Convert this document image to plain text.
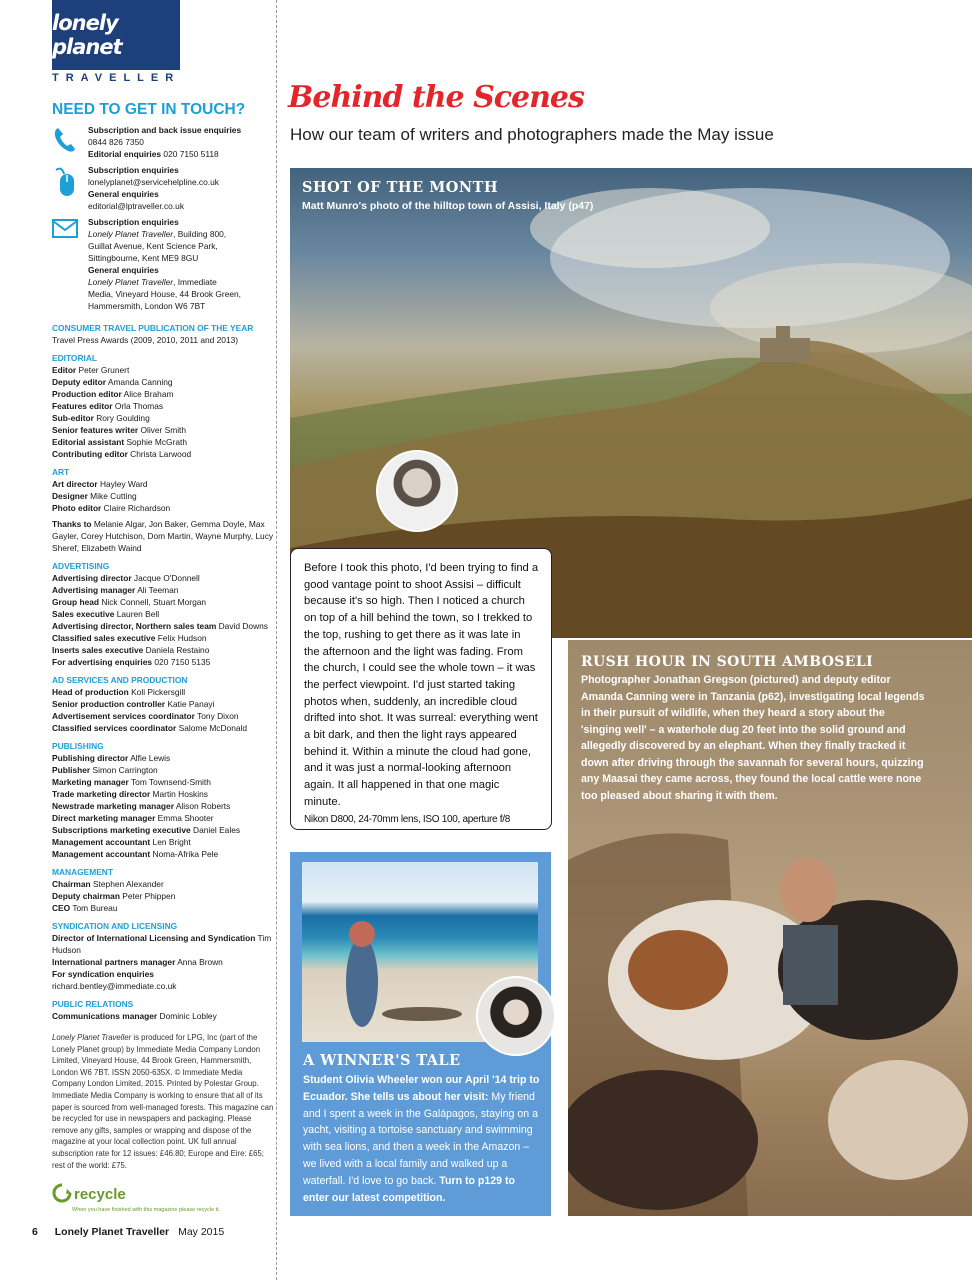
lonely planet
TRAVELLER
NEED TO GET IN TOUCH?
Subscription and back issue enquiries
0844 826 7350
Editorial enquiries 020 7150 5118
Subscription enquiries
lonelyplanet@servicehelpline.co.uk
General enquiries
editorial@lptraveller.co.uk
Subscription enquiries
Lonely Planet Traveller, Building 800,
Guillat Avenue, Kent Science Park,
Sittingbourne, Kent ME9 8GU
General enquiries
Lonely Planet Traveller, Immediate
Media, Vineyard House, 44 Brook Green,
Hammersmith, London W6 7BT
CONSUMER TRAVEL PUBLICATION OF THE YEAR
Travel Press Awards (2009, 2010, 2011 and 2013)
EDITORIAL
Editor Peter Grunert
Deputy editor Amanda Canning
Production editor Alice Braham
Features editor Orla Thomas
Sub-editor Rory Goulding
Senior features writer Oliver Smith
Editorial assistant Sophie McGrath
Contributing editor Christa Larwood
ART
Art director Hayley Ward
Designer Mike Cutting
Photo editor Claire Richardson
Thanks to Melanie Algar, Jon Baker, Gemma Doyle, Max Gayler, Corey Hutchison, Dom Martin, Wayne Murphy, Lucy Sheref, Elizabeth Waind
ADVERTISING
Advertising director Jacque O'Donnell
Advertising manager Ali Teeman
Group head Nick Connell, Stuart Morgan
Sales executive Lauren Bell
Advertising director, Northern sales team David Downs
Classified sales executive Felix Hudson
Inserts sales executive Daniela Restaino
For advertising enquiries 020 7150 5135
AD SERVICES AND PRODUCTION
Head of production Koli Pickersgill
Senior production controller Katie Panayi
Advertisement services coordinator Tony Dixon
Classified services coordinator Salome McDonald
PUBLISHING
Publishing director Alfie Lewis
Publisher Simon Carrington
Marketing manager Tom Townsend-Smith
Trade marketing director Martin Hoskins
Newstrade marketing manager Alison Roberts
Direct marketing manager Emma Shooter
Subscriptions marketing executive Daniel Eales
Management accountant Len Bright
Management accountant Noma-Afrika Pele
MANAGEMENT
Chairman Stephen Alexander
Deputy chairman Peter Phippen
CEO Tom Bureau
SYNDICATION AND LICENSING
Director of International Licensing and Syndication Tim Hudson
International partners manager Anna Brown
For syndication enquiries
richard.bentley@immediate.co.uk
PUBLIC RELATIONS
Communications manager Dominic Lobley
Lonely Planet Traveller is produced for LPG, Inc (part of the Lonely Planet group) by Immediate Media Company London Limited, Vineyard House, 44 Brook Green, Hammersmith, London W6 7BT. ISSN 2050-635X. © Immediate Media Company London Limited, 2015. Printed by Polestar Group. Immediate Media Company is working to ensure that all of its paper is sourced from well-managed forests. This magazine can be recycled for use in newspapers and packaging. Please remove any gifts, samples or wrapping and dispose of the magazine at your local collection point. UK full annual subscription rate for 12 issues: £46.80; Europe and Eire: £65; rest of the world: £75.
recycle
When you have finished with this magazine please recycle it.
6 Lonely Planet Traveller May 2015
Behind the Scenes
How our team of writers and photographers made the May issue
SHOT OF THE MONTH
Matt Munro's photo of the hilltop town of Assisi, Italy (p47)
Before I took this photo, I'd been trying to find a good vantage point to shoot Assisi – difficult because it's so high. Then I noticed a church on top of a hill behind the town, so I trekked to the top, rushing to get there as it was late in the afternoon and the light was fading. From the church, I could see the whole town – it was the perfect viewpoint. I'd just started taking photos when, suddenly, an incredible cloud drifted into shot. It was surreal: everything went a bit dark, and then the light rays appeared behind it. Within a minute the cloud had gone, and it was just a normal-looking afternoon again. It all happened in that one magic minute.
Nikon D800, 24-70mm lens, ISO 100, aperture f/8
RUSH HOUR IN SOUTH AMBOSELI
Photographer Jonathan Gregson (pictured) and deputy editor Amanda Canning were in Tanzania (p62), investigating local legends in their pursuit of wildlife, when they heard a story about the 'singing well' – a waterhole dug 20 feet into the solid ground and allegedly discovered by an elephant. When they finally tracked it down after driving through the savannah for several hours, quizzing any Maasai they came across, they found the local cattle were none too pleased about sharing it with them.
A WINNER'S TALE
Student Olivia Wheeler won our April '14 trip to Ecuador. She tells us about her visit: My friend and I spent a week in the Galápagos, staying on a yacht, visiting a tortoise sanctuary and swimming with sea lions, and then a week in the Amazon – we lived with a local family and walked up a waterfall. I'd love to go back. Turn to p129 to enter our latest competition.
